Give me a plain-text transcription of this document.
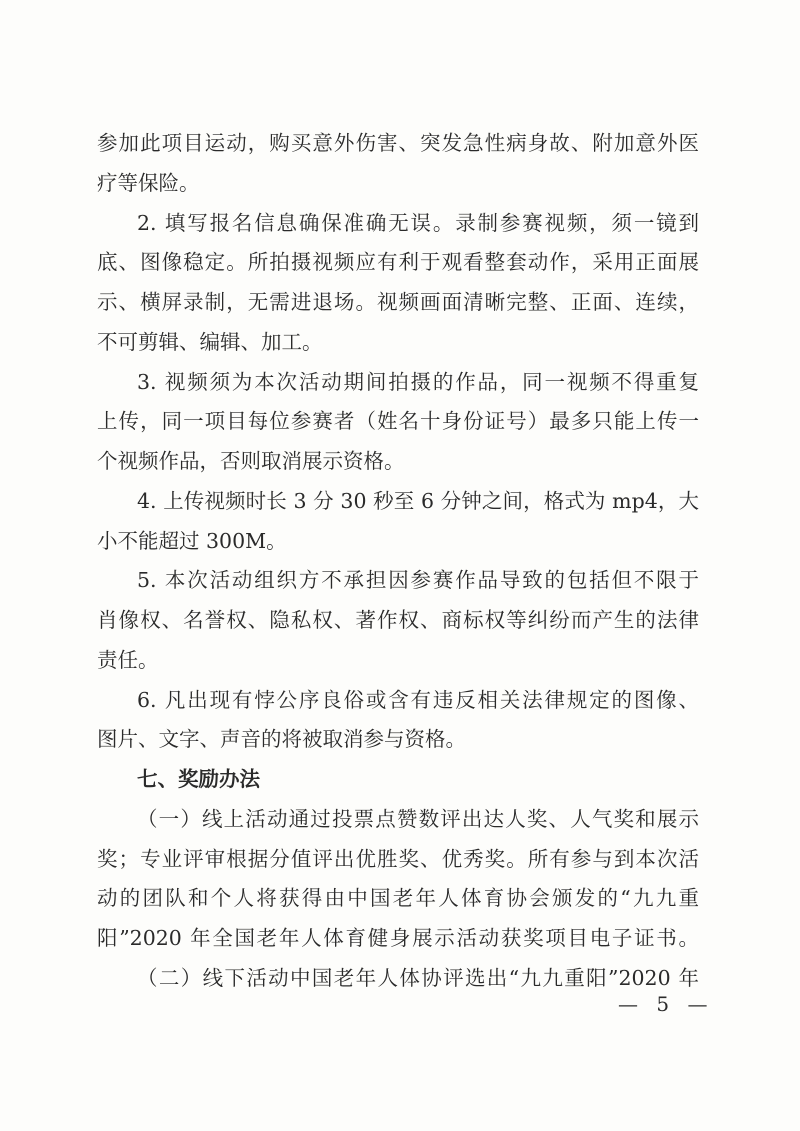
参加此项目运动，购买意外伤害、突发急性病身故、附加意外医
疗等保险。
2. 填写报名信息确保准确无误。录制参赛视频，须一镜到
底、图像稳定。所拍摄视频应有利于观看整套动作，采用正面展
示、横屏录制，无需进退场。视频画面清晰完整、正面、连续，
不可剪辑、编辑、加工。
3. 视频须为本次活动期间拍摄的作品，同一视频不得重复
上传，同一项目每位参赛者（姓名十身份证号）最多只能上传一
个视频作品，否则取消展示资格。
4. 上传视频时长 3 分 30 秒至 6 分钟之间，格式为 mp4，大
小不能超过 300M。
5. 本次活动组织方不承担因参赛作品导致的包括但不限于
肖像权、名誉权、隐私权、著作权、商标权等纠纷而产生的法律
责任。
6. 凡出现有悖公序良俗或含有违反相关法律规定的图像、
图片、文字、声音的将被取消参与资格。
七、奖励办法
（一）线上活动通过投票点赞数评出达人奖、人气奖和展示
奖；专业评审根据分值评出优胜奖、优秀奖。所有参与到本次活
动的团队和个人将获得由中国老年人体育协会颁发的“九九重
阳”2020 年全国老年人体育健身展示活动获奖项目电子证书。
（二）线下活动中国老年人体协评选出“九九重阳”2020 年
— 5 —
